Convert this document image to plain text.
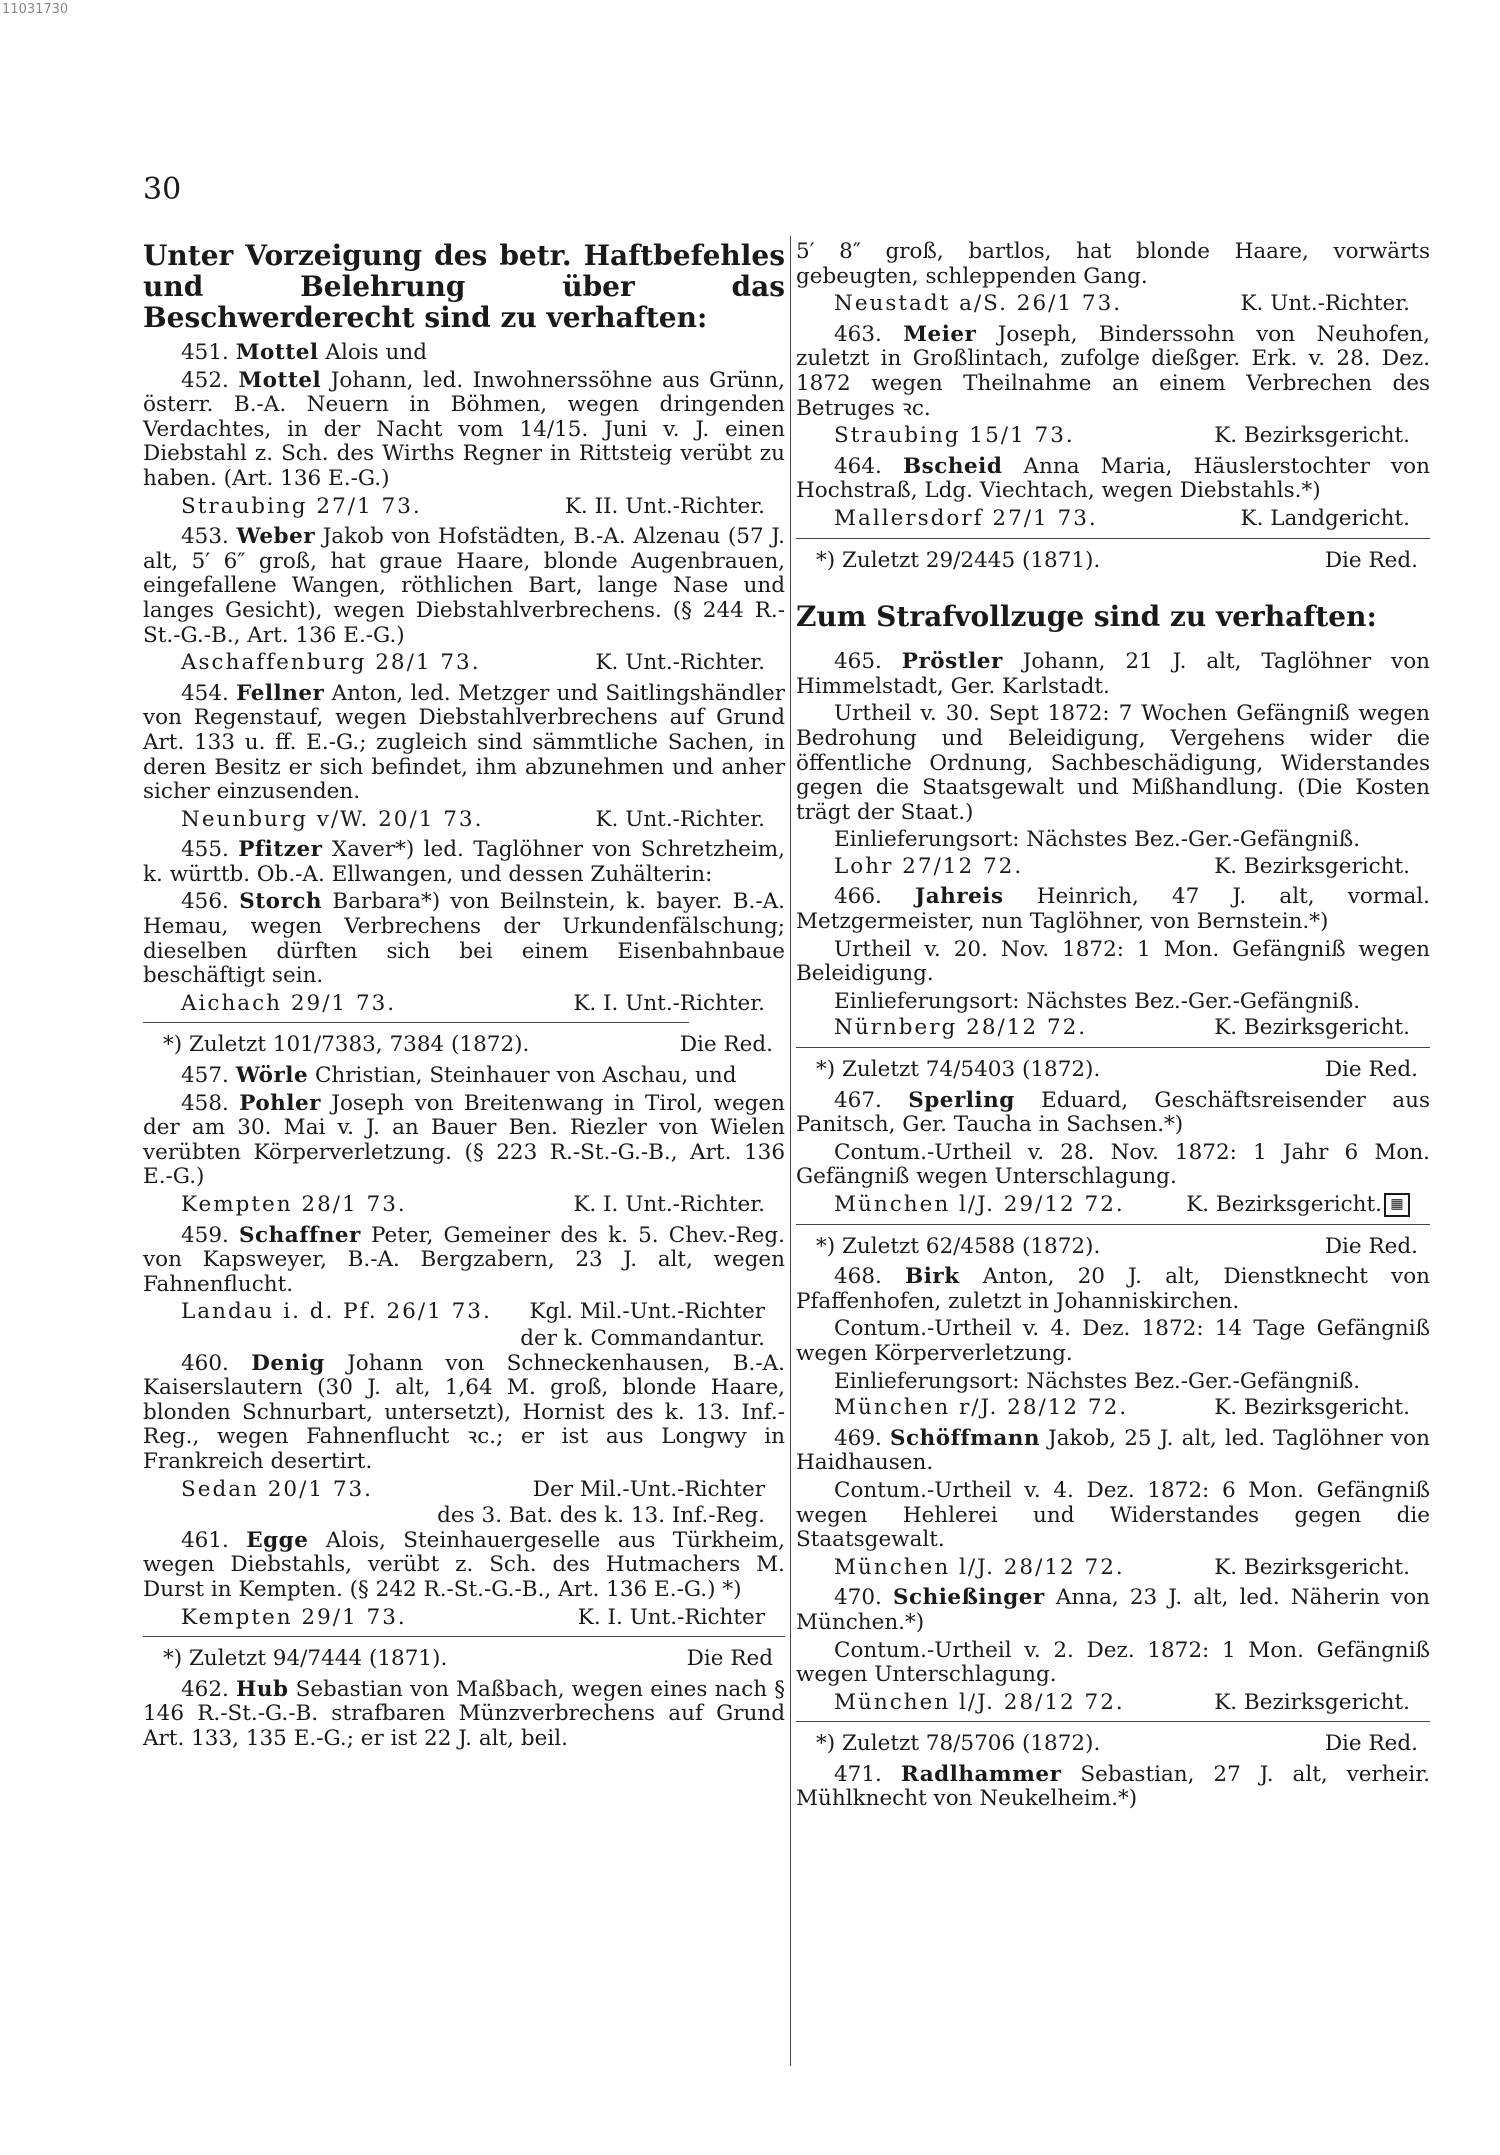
11031730
30
Unter Vorzeigung des betr. Haftbefehles und Belehrung über das Beschwerderecht sind zu verhaften:

451. Mottel Alois und

452. Mottel Johann, led. Inwohnerssöhne aus Grünn, österr. B.-A. Neuern in Böhmen, wegen dringenden Verdachtes, in der Nacht vom 14/15. Juni v. J. einen Diebstahl z. Sch. des Wirths Regner in Rittsteig verübt zu haben. (Art. 136 E.-G.)

Straubing 27/1 73.	K. II. Unt.-Richter.

453. Weber Jakob von Hofstädten, B.-A. Alzenau (57 J. alt, 5′ 6″ groß, hat graue Haare, blonde Augenbrauen, eingefallene Wangen, röthlichen Bart, lange Nase und langes Gesicht), wegen Diebstahlverbrechens. (§ 244 R.-St.-G.-B., Art. 136 E.-G.)

Aschaffenburg 28/1 73.	K. Unt.-Richter.

454. Fellner Anton, led. Metzger und Saitlingshändler von Regenstauf, wegen Diebstahlverbrechens auf Grund Art. 133 u. ff. E.-G.; zugleich sind sämmtliche Sachen, in deren Besitz er sich befindet, ihm abzunehmen und anher sicher einzusenden.

Neunburg v/W. 20/1 73.	K. Unt.-Richter.

455. Pfitzer Xaver*) led. Taglöhner von Schretzheim, k. württb. Ob.-A. Ellwangen, und dessen Zuhälterin:

456. Storch Barbara*) von Beilnstein, k. bayer. B.-A. Hemau, wegen Verbrechens der Urkundenfälschung; dieselben dürften sich bei einem Eisenbahnbaue beschäftigt sein.

Aichach 29/1 73.	K. I. Unt.-Richter.
*) Zuletzt 101/7383, 7384 (1872).	Die Red.

457. Wörle Christian, Steinhauer von Aschau, und

458. Pohler Joseph von Breitenwang in Tirol, wegen der am 30. Mai v. J. an Bauer Ben. Riezler von Wielen verübten Körperverletzung. (§ 223 R.-St.-G.-B., Art. 136 E.-G.)

Kempten 28/1 73.	K. I. Unt.-Richter.

459. Schaffner Peter, Gemeiner des k. 5. Chev.-Reg. von Kapsweyer, B.-A. Bergzabern, 23 J. alt, wegen Fahnenflucht.

Landau i. d. Pf. 26/1 73. Kgl. Mil.-Unt.-Richter
der k. Commandantur.

460. Denig Johann von Schneckenhausen, B.-A. Kaiserslautern (30 J. alt, 1,64 M. groß, blonde Haare, blonden Schnurbart, untersetzt), Hornist des k. 13. Inf.-Reg., wegen Fahnenflucht ꝛc.; er ist aus Longwy in Frankreich desertirt.

Sedan 20/1 73.	Der Mil.-Unt.-Richter
des 3. Bat. des k. 13. Inf.-Reg.

461. Egge Alois, Steinhauergeselle aus Türkheim, wegen Diebstahls, verübt z. Sch. des Hutmachers M. Durst in Kempten. (§ 242 R.-St.-G.-B., Art. 136 E.-G.) *)

Kempten 29/1 73.	K. I. Unt.-Richter
*) Zuletzt 94/7444 (1871).	Die Red

462. Hub Sebastian von Maßbach, wegen eines nach § 146 R.-St.-G.-B. strafbaren Münzverbrechens auf Grund Art. 133, 135 E.-G.; er ist 22 J. alt, beil.

5′ 8″ groß, bartlos, hat blonde Haare, vorwärts gebeugten, schleppenden Gang.

Neustadt a/S. 26/1 73.	K. Unt.-Richter.

463. Meier Joseph, Binderssohn von Neuhofen, zuletzt in Großlintach, zufolge dießger. Erk. v. 28. Dez. 1872 wegen Theilnahme an einem Verbrechen des Betruges ꝛc.

Straubing 15/1 73.	K. Bezirksgericht.

464. Bscheid Anna Maria, Häuslerstochter von Hochstraß, Ldg. Viechtach, wegen Diebstahls.*)

Mallersdorf 27/1 73.	K. Landgericht.
*) Zuletzt 29/2445 (1871).	Die Red.
Zum Strafvollzuge sind zu verhaften:

465. Pröstler Johann, 21 J. alt, Taglöhner von Himmelstadt, Ger. Karlstadt.

Urtheil v. 30. Sept 1872: 7 Wochen Gefängniß wegen Bedrohung und Beleidigung, Vergehens wider die öffentliche Ordnung, Sachbeschädigung, Widerstandes gegen die Staatsgewalt und Mißhandlung. (Die Kosten trägt der Staat.)

Einlieferungsort: Nächstes Bez.-Ger.-Gefängniß.

Lohr 27/12 72.	K. Bezirksgericht.

466. Jahreis Heinrich, 47 J. alt, vormal. Metzgermeister, nun Taglöhner, von Bernstein.*)

Urtheil v. 20. Nov. 1872: 1 Mon. Gefängniß wegen Beleidigung.

Einlieferungsort: Nächstes Bez.-Ger.-Gefängniß.

Nürnberg 28/12 72.	K. Bezirksgericht.
*) Zuletzt 74/5403 (1872).	Die Red.

467. Sperling Eduard, Geschäftsreisender aus Panitsch, Ger. Taucha in Sachsen.*)

Contum.-Urtheil v. 28. Nov. 1872: 1 Jahr 6 Mon. Gefängniß wegen Unterschlagung.

München l/J. 29/12 72.	K. Bezirksgericht. ▦
*) Zuletzt 62/4588 (1872).	Die Red.

468. Birk Anton, 20 J. alt, Dienstknecht von Pfaffenhofen, zuletzt in Johanniskirchen.

Contum.-Urtheil v. 4. Dez. 1872: 14 Tage Gefängniß wegen Körperverletzung.

Einlieferungsort: Nächstes Bez.-Ger.-Gefängniß.

München r/J. 28/12 72.	K. Bezirksgericht.

469. Schöffmann Jakob, 25 J. alt, led. Taglöhner von Haidhausen.

Contum.-Urtheil v. 4. Dez. 1872: 6 Mon. Gefängniß wegen Hehlerei und Widerstandes gegen die Staatsgewalt.

München l/J. 28/12 72.	K. Bezirksgericht.

470. Schießinger Anna, 23 J. alt, led. Näherin von München.*)

Contum.-Urtheil v. 2. Dez. 1872: 1 Mon. Gefängniß wegen Unterschlagung.

München l/J. 28/12 72.	K. Bezirksgericht.
*) Zuletzt 78/5706 (1872).	Die Red.

471. Radlhammer Sebastian, 27 J. alt, verheir. Mühlknecht von Neukelheim.*)
